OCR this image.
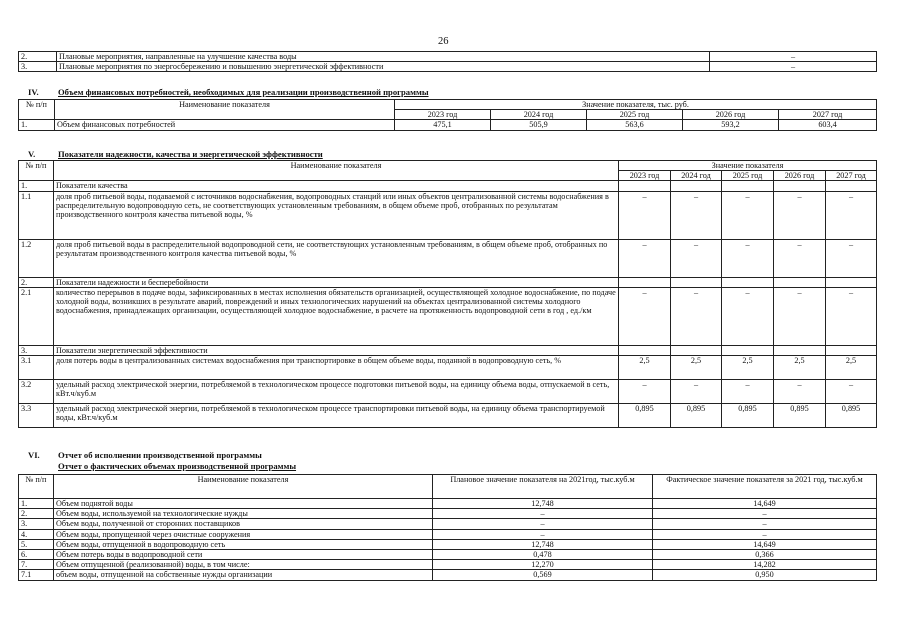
26
2.	Плановые мероприятия, направленные на улучшение качества воды	–
3.	Плановые мероприятия по энергосбережению и повышению энергетической эффективности	–
IV. Объем финансовых потребностей, необходимых для реализации производственной программы
№ п/п	Наименование показателя	Значение показателя, тыс. руб.				
		2023 год	2024 год	2025 год	2026 год	2027 год
1.	Объем финансовых потребностей	475,1	505,9	563,6	593,2	603,4
V.	Показатели надежности, качества и энергетической эффективности
№ п/п	Наименование показателя	Значение показателя				
		2023 год	2024 год	2025 год	2026 год	2027 год
1.	Показатели качества					
1.1	доля проб питьевой воды, подаваемой с источников водоснабжения, водопроводных станций или иных объектов централизованной системы водоснабжения в распределительную водопроводную сеть, не соответствующих установленным требованиям, в общем объеме проб, отобранных по результатам производственного контроля качества питьевой воды, %	–	–	–	–	–
1.2	доля проб питьевой воды в распределительной водопроводной сети, не соответствующих установленным требованиям, в общем объеме проб, отобранных по результатам производственного контроля качества питьевой воды, %	–	–	–	–	–
2.	Показатели надежности и бесперебойности					
2.1	количество перерывов в подаче воды, зафиксированных в местах исполнения обязательств организацией, осуществляющей холодное водоснабжение, по подаче холодной воды, возникших в результате аварий, повреждений и иных технологических нарушений на объектах централизованной системы холодного водоснабжения, принадлежащих организации, осуществляющей холодное водоснабжение, в расчете на протяженность водопроводной сети в год , ед./км	–	–	–	–	–
3.	Показатели энергетической эффективности					
3.1	доля потерь воды в централизованных системах водоснабжения при транспортировке в общем объеме воды, поданной в водопроводную сеть, %	2,5	2,5	2,5	2,5	2,5
3.2	удельный расход электрической энергии, потребляемой в технологическом процессе подготовки питьевой воды, на единицу объема воды, отпускаемой в сеть, кВт.ч/куб.м	–	–	–	–	–
3.3	удельный расход электрической энергии, потребляемой в технологическом процессе транспортировки питьевой воды, на единицу объема транспортируемой воды, кВт.ч/куб.м	0,895	0,895	0,895	0,895	0,895
VI. Отчет об исполнении производственной программы
Отчет о фактических объемах производственной программы
№ п/п	Наименование показателя	Плановое значение показателя на 2021год, тыс.куб.м	Фактическое значение показателя за 2021 год, тыс.куб.м
1.	Объем поднятой воды	12,748	14,649
2.	Объем воды, используемой на технологические нужды	–	–
3.	Объем воды, полученной от сторонних поставщиков	–	–
4.	Объем воды, пропущенной через очистные сооружения	–	–
5.	Объем воды, отпущенной в водопроводную сеть	12,748	14,649
6.	Объем потерь воды в водопроводной сети	0,478	0,366
7.	Объем отпущенной (реализованной) воды, в том числе:	12,270	14,282
7.1	объем воды, отпущенной на собственные нужды организации	0,569	0,950
